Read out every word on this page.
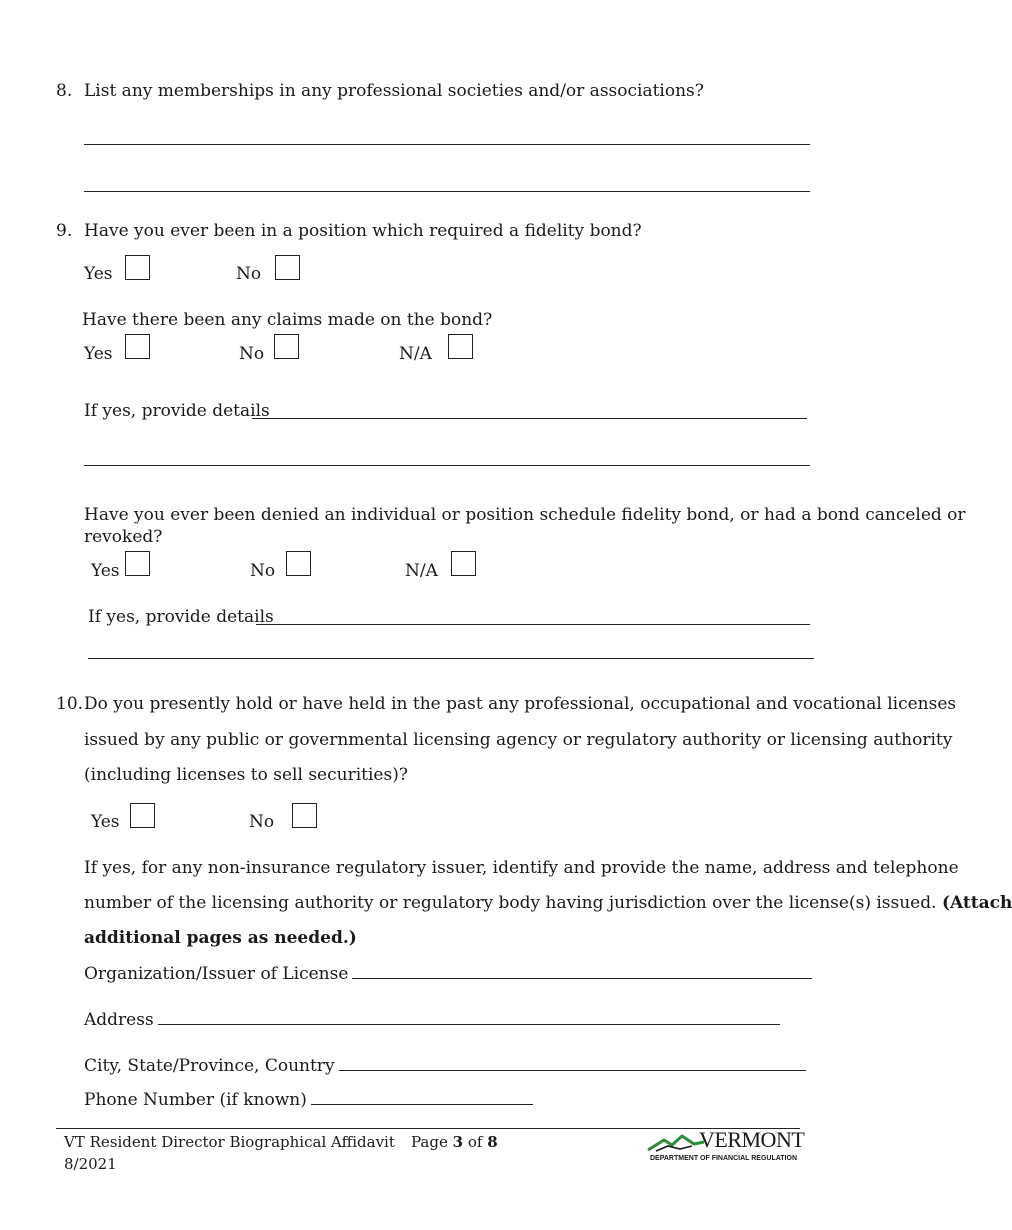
8. List any memberships in any professional societies and/or associations?
9. Have you ever been in a position which required a fidelity bond?
Yes	No
Have there been any claims made on the bond?
Yes	No	N/A
If yes, provide details
Have you ever been denied an individual or position schedule fidelity bond, or had a bond canceled or
revoked?
Yes	No	N/A
If yes, provide details
10. Do you presently hold or have held in the past any professional, occupational and vocational licenses
issued by any public or governmental licensing agency or regulatory authority or licensing authority
(including licenses to sell securities)?
Yes	No
If yes, for any non-insurance regulatory issuer, identify and provide the name, address and telephone
number of the licensing authority or regulatory body having jurisdiction over the license(s) issued. (Attach
additional pages as needed.)
Organization/Issuer of License
Address
City, State/Province, Country
Phone Number (if known)
VT Resident Director Biographical Affidavit
8/2021
Page 3 of 8	VERMONT
DEPARTMENT OF FINANCIAL REGULATION
